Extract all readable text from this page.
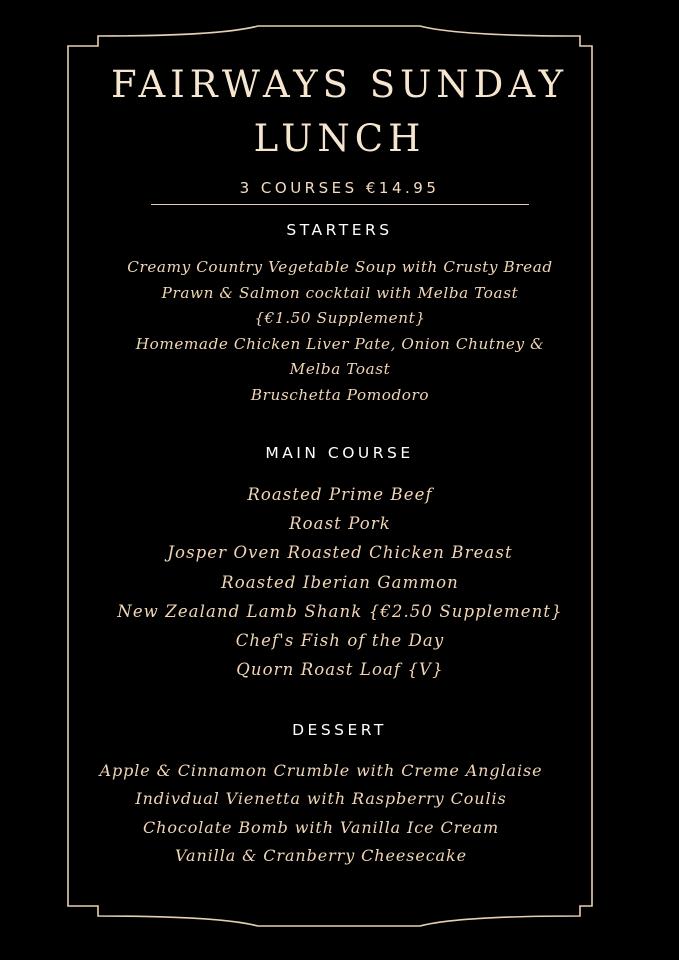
FAIRWAYS SUNDAY
LUNCH
3 COURSES €14.95
STARTERS
Creamy Country Vegetable Soup with Crusty Bread
Prawn & Salmon cocktail with Melba Toast
{€1.50 Supplement}
Homemade Chicken Liver Pate, Onion Chutney &
Melba Toast
Bruschetta Pomodoro
MAIN COURSE
Roasted Prime Beef
Roast Pork
Josper Oven Roasted Chicken Breast
Roasted Iberian Gammon
New Zealand Lamb Shank {€2.50 Supplement}
Chef's Fish of the Day
Quorn Roast Loaf {V}
DESSERT
Apple & Cinnamon Crumble with Creme Anglaise
Indivdual Vienetta with Raspberry Coulis
Chocolate Bomb with Vanilla Ice Cream
Vanilla & Cranberry Cheesecake
